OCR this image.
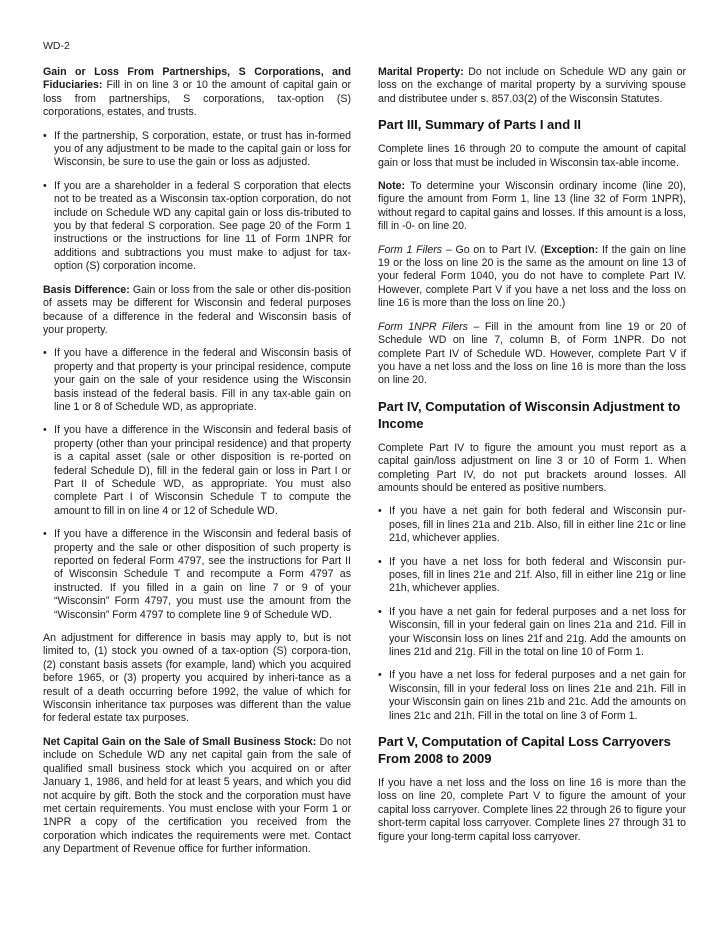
WD-2

Gain or Loss From Partnerships, S Corporations, and Fiduciaries: Fill in on line 3 or 10 the amount of capital gain or loss from partnerships, S corporations, tax-option (S) corporations, estates, and trusts.

• If the partnership, S corporation, estate, or trust has in-formed you of any adjustment to be made to the capital gain or loss for Wisconsin, be sure to use the gain or loss as adjusted.
• If you are a shareholder in a federal S corporation that elects not to be treated as a Wisconsin tax-option corporation, do not include on Schedule WD any capital gain or loss dis-tributed to you by that federal S corporation. See page 20 of the Form 1 instructions or the instructions for line 11 of Form 1NPR for additions and subtractions you must make to adjust for tax-option (S) corporation income.

Basis Difference: Gain or loss from the sale or other dis-position of assets may be different for Wisconsin and federal purposes because of a difference in the federal and Wisconsin basis of your property.

• If you have a difference in the federal and Wisconsin basis of property and that property is your principal residence, compute your gain on the sale of your residence using the Wisconsin basis instead of the federal basis. Fill in any tax-able gain on line 1 or 8 of Schedule WD, as appropriate.
• If you have a difference in the Wisconsin and federal basis of property (other than your principal residence) and that property is a capital asset (sale or other disposition is re-ported on federal Schedule D), fill in the federal gain or loss in Part I or Part II of Schedule WD, as appropriate. You must also complete Part I of Wisconsin Schedule T to compute the amount to fill in on line 4 or 12 of Schedule WD.
• If you have a difference in the Wisconsin and federal basis of property and the sale or other disposition of such property is reported on federal Form 4797, see the instructions for Part II of Wisconsin Schedule T and recompute a Form 4797 as instructed. If you filled in a gain on line 7 or 9 of your “Wisconsin” Form 4797, you must use the amount from the “Wisconsin” Form 4797 to complete line 9 of Schedule WD.

An adjustment for difference in basis may apply to, but is not limited to, (1) stock you owned of a tax-option (S) corpora-tion, (2) constant basis assets (for example, land) which you acquired before 1965, or (3) property you acquired by inheri-tance as a result of a death occurring before 1992, the value of which for Wisconsin inheritance tax purposes was different than the value for federal estate tax purposes.

Net Capital Gain on the Sale of Small Business Stock: Do not include on Schedule WD any net capital gain from the sale of qualified small business stock which you acquired on or after January 1, 1986, and held for at least 5 years, and which you did not acquire by gift. Both the stock and the corporation must have met certain requirements. You must enclose with your Form 1 or 1NPR a copy of the certification you received from the corporation which indicates the requirements were met. Contact any Department of Revenue office for further information.

Marital Property: Do not include on Schedule WD any gain or loss on the exchange of marital property by a surviving spouse and distributee under s. 857.03(2) of the Wisconsin Statutes.

Part III, Summary of Parts I and II

Complete lines 16 through 20 to compute the amount of capital gain or loss that must be included in Wisconsin tax-able income.

Note: To determine your Wisconsin ordinary income (line 20), figure the amount from Form 1, line 13 (line 32 of Form 1NPR), without regard to capital gains and losses. If this amount is a loss, fill in -0- on line 20.

Form 1 Filers – Go on to Part IV. (Exception: If the gain on line 19 or the loss on line 20 is the same as the amount on line 13 of your federal Form 1040, you do not have to complete Part IV. However, complete Part V if you have a net loss and the loss on line 16 is more than the loss on line 20.)

Form 1NPR Filers – Fill in the amount from line 19 or 20 of Schedule WD on line 7, column B, of Form 1NPR. Do not complete Part IV of Schedule WD. However, complete Part V if you have a net loss and the loss on line 16 is more than the loss on line 20.

Part IV, Computation of Wisconsin Adjustment to Income

Complete Part IV to figure the amount you must report as a capital gain/loss adjustment on line 3 or 10 of Form 1. When completing Part IV, do not put brackets around losses. All amounts should be entered as positive numbers.

• If you have a net gain for both federal and Wisconsin pur-poses, fill in lines 21a and 21b. Also, fill in either line 21c or line 21d, whichever applies.
• If you have a net loss for both federal and Wisconsin pur-poses, fill in lines 21e and 21f. Also, fill in either line 21g or line 21h, whichever applies.
• If you have a net gain for federal purposes and a net loss for Wisconsin, fill in your federal gain on lines 21a and 21d. Fill in your Wisconsin loss on lines 21f and 21g. Add the amounts on lines 21d and 21g. Fill in the total on line 10 of Form 1.
• If you have a net loss for federal purposes and a net gain for Wisconsin, fill in your federal loss on lines 21e and 21h. Fill in your Wisconsin gain on lines 21b and 21c. Add the amounts on lines 21c and 21h. Fill in the total on line 3 of Form 1.
Part V, Computation of Capital Loss Carryovers From 2008 to 2009

If you have a net loss and the loss on line 16 is more than the loss on line 20, complete Part V to figure the amount of your capital loss carryover. Complete lines 22 through 26 to figure your short-term capital loss carryover. Complete lines 27 through 31 to figure your long-term capital loss carryover.
